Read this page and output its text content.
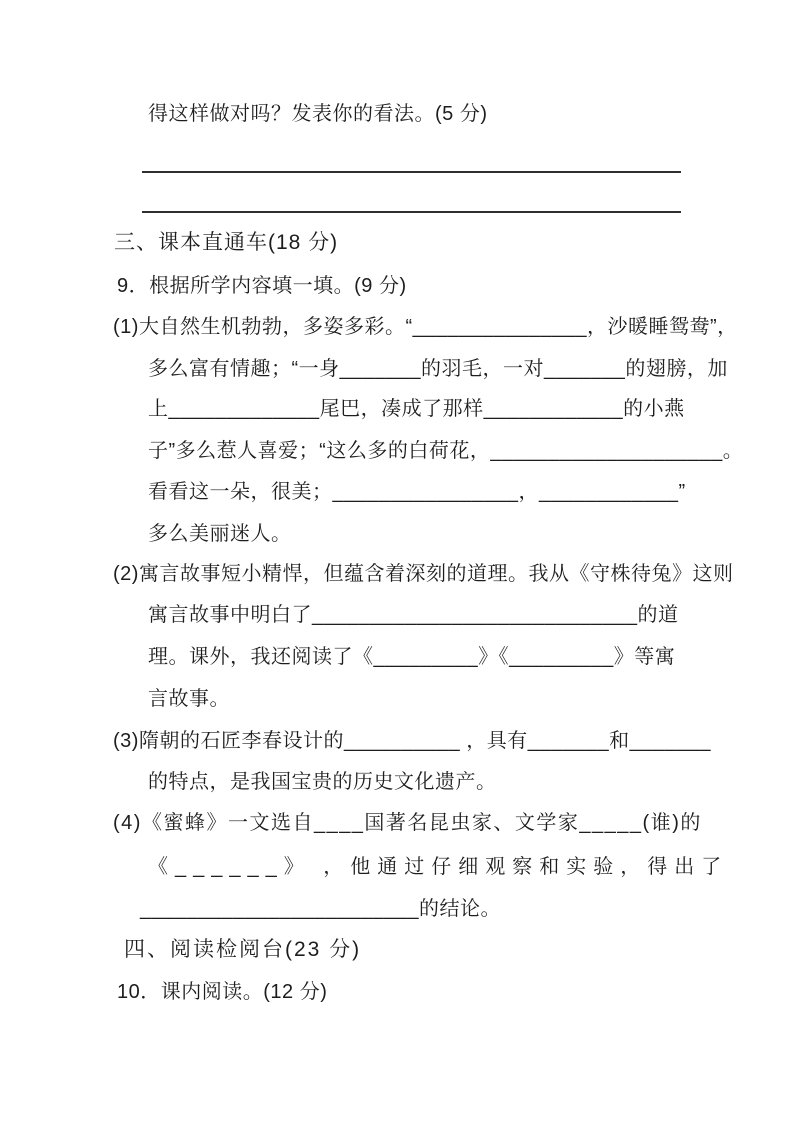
得这样做对吗？发表你的看法。(5 分)
三、课本直通车(18 分)
9．根据所学内容填一填。(9 分)
(1)大自然生机勃勃，多姿多彩。“_______________，沙暖睡鸳鸯”，
多么富有情趣；“一身_______的羽毛，一对_______的翅膀，加
上_____________尾巴，凑成了那样____________的小燕
子”多么惹人喜爱；“这么多的白荷花，____________________。
看看这一朵，很美；________________，____________”
多么美丽迷人。
(2)寓言故事短小精悍，但蕴含着深刻的道理。我从《守株待兔》这则
寓言故事中明白了____________________________的道
理。课外，我还阅读了《_________》《_________》等寓
言故事。
(3)隋朝的石匠李春设计的__________ ，具有_______和_______
的特点，是我国宝贵的历史文化遗产。
(4)《蜜蜂》一文选自____国著名昆虫家、文学家_____(谁)的
《______》 ，他通过仔细观察和实验，得出了
________________________的结论。
四、阅读检阅台(23 分)
10．课内阅读。(12 分)
